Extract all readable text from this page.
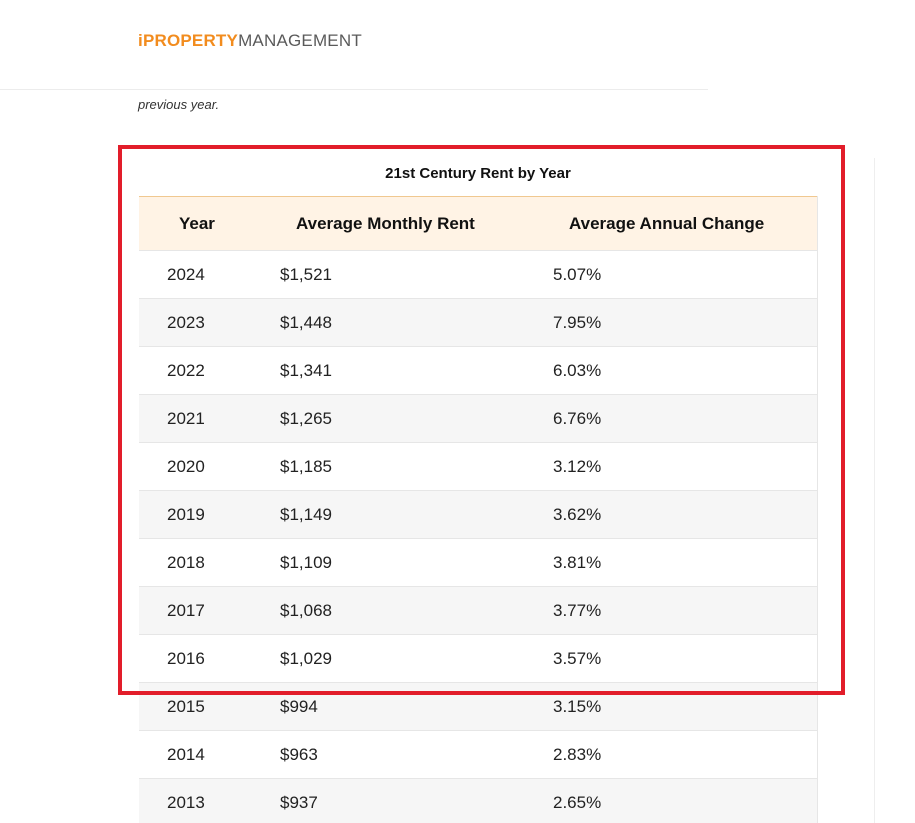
iPROPERTYMANAGEMENT
previous year.
21st Century Rent by Year
Year	Average Monthly Rent	Average Annual Change
2024	$1,521	5.07%
2023	$1,448	7.95%
2022	$1,341	6.03%
2021	$1,265	6.76%
2020	$1,185	3.12%
2019	$1,149	3.62%
2018	$1,109	3.81%
2017	$1,068	3.77%
2016	$1,029	3.57%
2015	$994	3.15%
2014	$963	2.83%
2013	$937	2.65%
